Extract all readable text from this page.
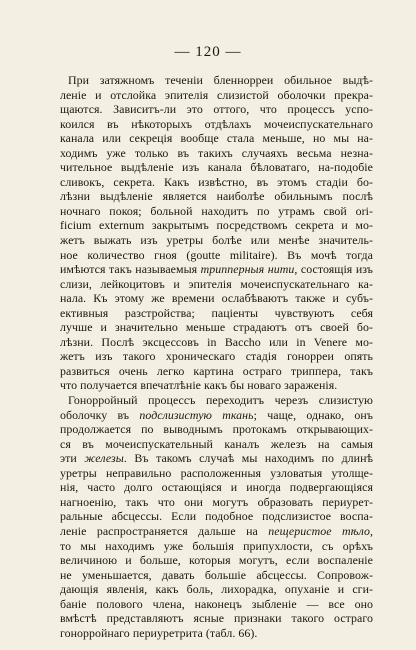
— 120 —
При затяжномъ теченiи бленнорреи обильное выдѣ-
ленiе и отслойка эпителiя слизистой оболочки прекра-
щаются. Зависитъ-ли это оттого, что процессъ успо-
коился въ нѣкоторыхъ отдѣлахъ мочеиспускательнаго
канала или секрецiя вообще стала меньше, но мы на-
ходимъ уже только въ такихъ случаяхъ весьма незна-
чительное выдѣленiе изъ канала бѣловатаго, на-подобiе
сливокъ, секрета. Какъ извѣстно, въ этомъ стадiи бо-
лѣзни выдѣленiе является наиболѣе обильнымъ послѣ
ночнаго покоя; больной находитъ по утрамъ свой ori-
ficium externum закрытымъ посредствомъ секрета и мо-
жетъ выжать изъ уретры болѣе или менѣе значитель-
ное количество гноя (goutte militaire). Въ мочѣ тогда
имѣются такъ называемыя трипперныя нити, состоящiя изъ
слизи, лейкоцитовъ и эпителiя мочеиспускательнаго ка-
нала. Къ этому же времени ослабѣваютъ также и субъ-
ективныя разстройства; пацiенты чувствуютъ себя
лучше и значительно меньше страдаютъ отъ своей бо-
лѣзни. Послѣ эксцессовъ in Baccho или in Venere мо-
жетъ изъ такого хроническаго стадiя гонорреи опять
развиться очень легко картина остраго триппера, такъ
что получается впечатлѣнiе какъ бы новаго зараженiя.
Гонорройный процессъ переходитъ черезъ слизистую
оболочку въ подслизистую ткань; чаще, однако, онъ
продолжается по выводнымъ протокамъ открывающих-
ся въ мочеиспускательный каналъ железъ на самыя
эти железы. Въ такомъ случаѣ мы находимъ по длинѣ
уретры неправильно расположенныя узловатыя утолще-
нiя, часто долго остающiяся и иногда подвергающiяся
нагноенiю, такъ что они могутъ образовать периурет-
ральные абсцессы. Если подобное подслизистое воспа-
ленiе распространяется дальше на пещеристое тѣло,
то мы находимъ уже большiя припухлости, съ орѣхъ
величиною и больше, которыя могутъ, если воспаленiе
не уменьшается, давать большiе абсцессы. Сопровож-
дающiя явленiя, какъ боль, лихорадка, опуханiе и сги-
банiе полового члена, наконецъ зыбленiе — все оно
вмѣстѣ представляютъ ясные признаки такого остраго
гонорройнаго периуретрита (табл. 66).
